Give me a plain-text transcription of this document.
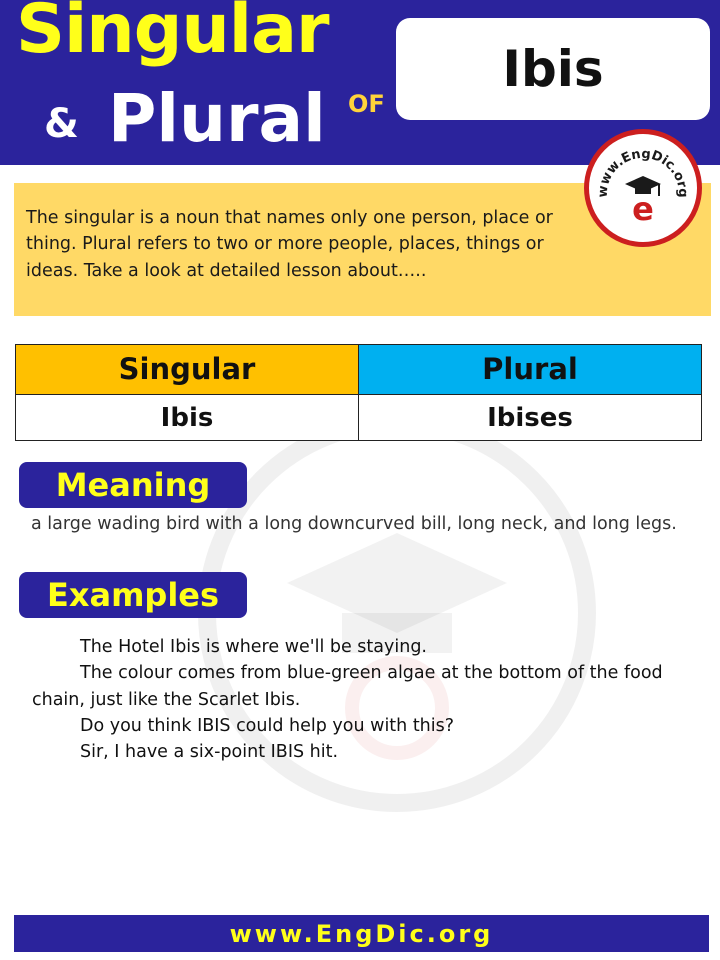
Singular
& Plural OF
Ibis
The singular is a noun that names only one person, place or thing. Plural refers to two or more people, places, things or ideas. Take a look at detailed lesson about…..
www.EngDic.org
e
Singular	Plural
Ibis	Ibises
Meaning
a large wading bird with a long downcurved bill, long neck, and long legs.
Examples
• The Hotel Ibis is where we'll be staying.
• The colour comes from blue-green algae at the bottom of the food chain, just like the Scarlet Ibis.
• Do you think IBIS could help you with this?
• Sir, I have a six-point IBIS hit.
www.EngDic.org
